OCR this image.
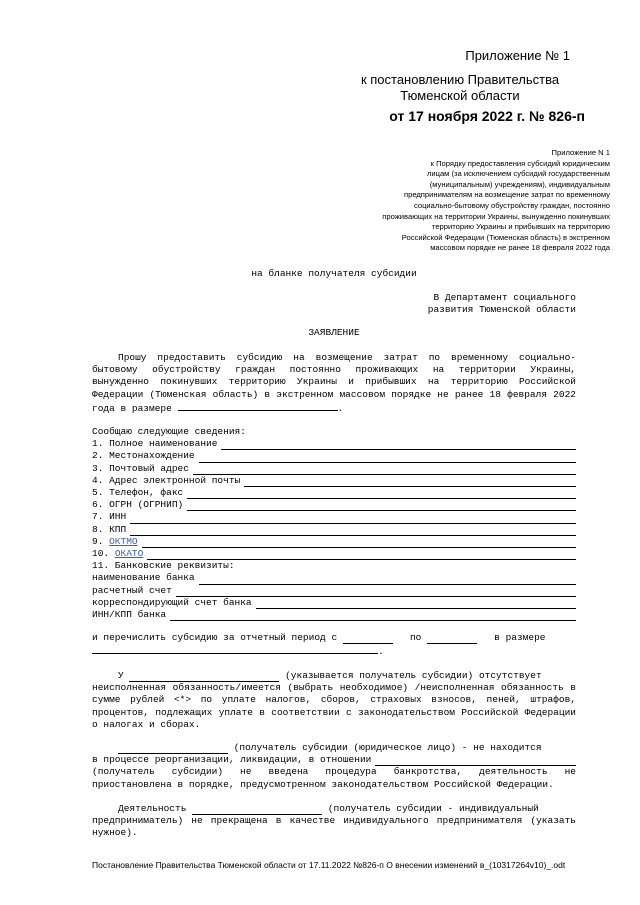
Приложение № 1
к постановлению Правительства Тюменской области
от 17 ноября 2022 г. № 826-п
Приложение N 1
к Порядку предоставления субсидий юридическим
лицам (за исключением субсидий государственным
(муниципальным) учреждениям), индивидуальным
предпринимателям на возмещение затрат по временному
социально-бытовому обустройству граждан, постоянно
проживающих на территории Украины, вынужденно покинувших
территорию Украины и прибывших на территорию
Российской Федерации (Тюменская область) в экстренном
массовом порядке не ранее 18 февраля 2022 года
на бланке получателя субсидии
В Департамент социального
развития Тюменской области
ЗАЯВЛЕНИЕ
Прошу предоставить субсидию на возмещение затрат по временному социально-бытовому обустройству граждан постоянно проживающих на территории Украины, вынужденно покинувших территорию Украины и прибывших на территорию Российской Федерации (Тюменская область) в экстренном массовом порядке не ранее 18 февраля 2022 года в размере	.
Сообщаю следующие сведения:
1. Полное наименование
2. Местонахождение
3. Почтовый адрес
4. Адрес электронной почты
5. Телефон, факс
6. ОГРН (ОГРНИП)
7. ИНН
8. КПП
9.
ОКТМО
10.
ОКАТО
11. Банковские реквизиты:
наименование банка
расчетный счет
корреспондирующий счет банка
ИНН/КПП банка
и перечислить субсидию за отчетный период с

	по

	в размере
.
У

	(указывается получатель субсидии) отсутствует
неисполненная обязанность/имеется (выбрать необходимое) /неисполненная обязанность в сумме рублей <*> по уплате налогов, сборов, страховых взносов, пеней, штрафов, процентов, подлежащих уплате в соответствии с законодательством Российской Федерации о налогах и сборах.

(получатель субсидии (юридическое лицо) - не находится
в процессе реорганизации, ликвидации, в отношении
(получатель субсидии) не введена процедура банкротства, деятельность не приостановлена в порядке, предусмотренном законодательством Российской Федерации.
Деятельность

	(получатель субсидии - индивидуальный
предприниматель) не прекращена в качестве индивидуального предпринимателя (указать нужное).
Постановление Правительства Тюменской области от 17.11.2022 №826-п О внесении изменений в_(10317264v10)_.odt
